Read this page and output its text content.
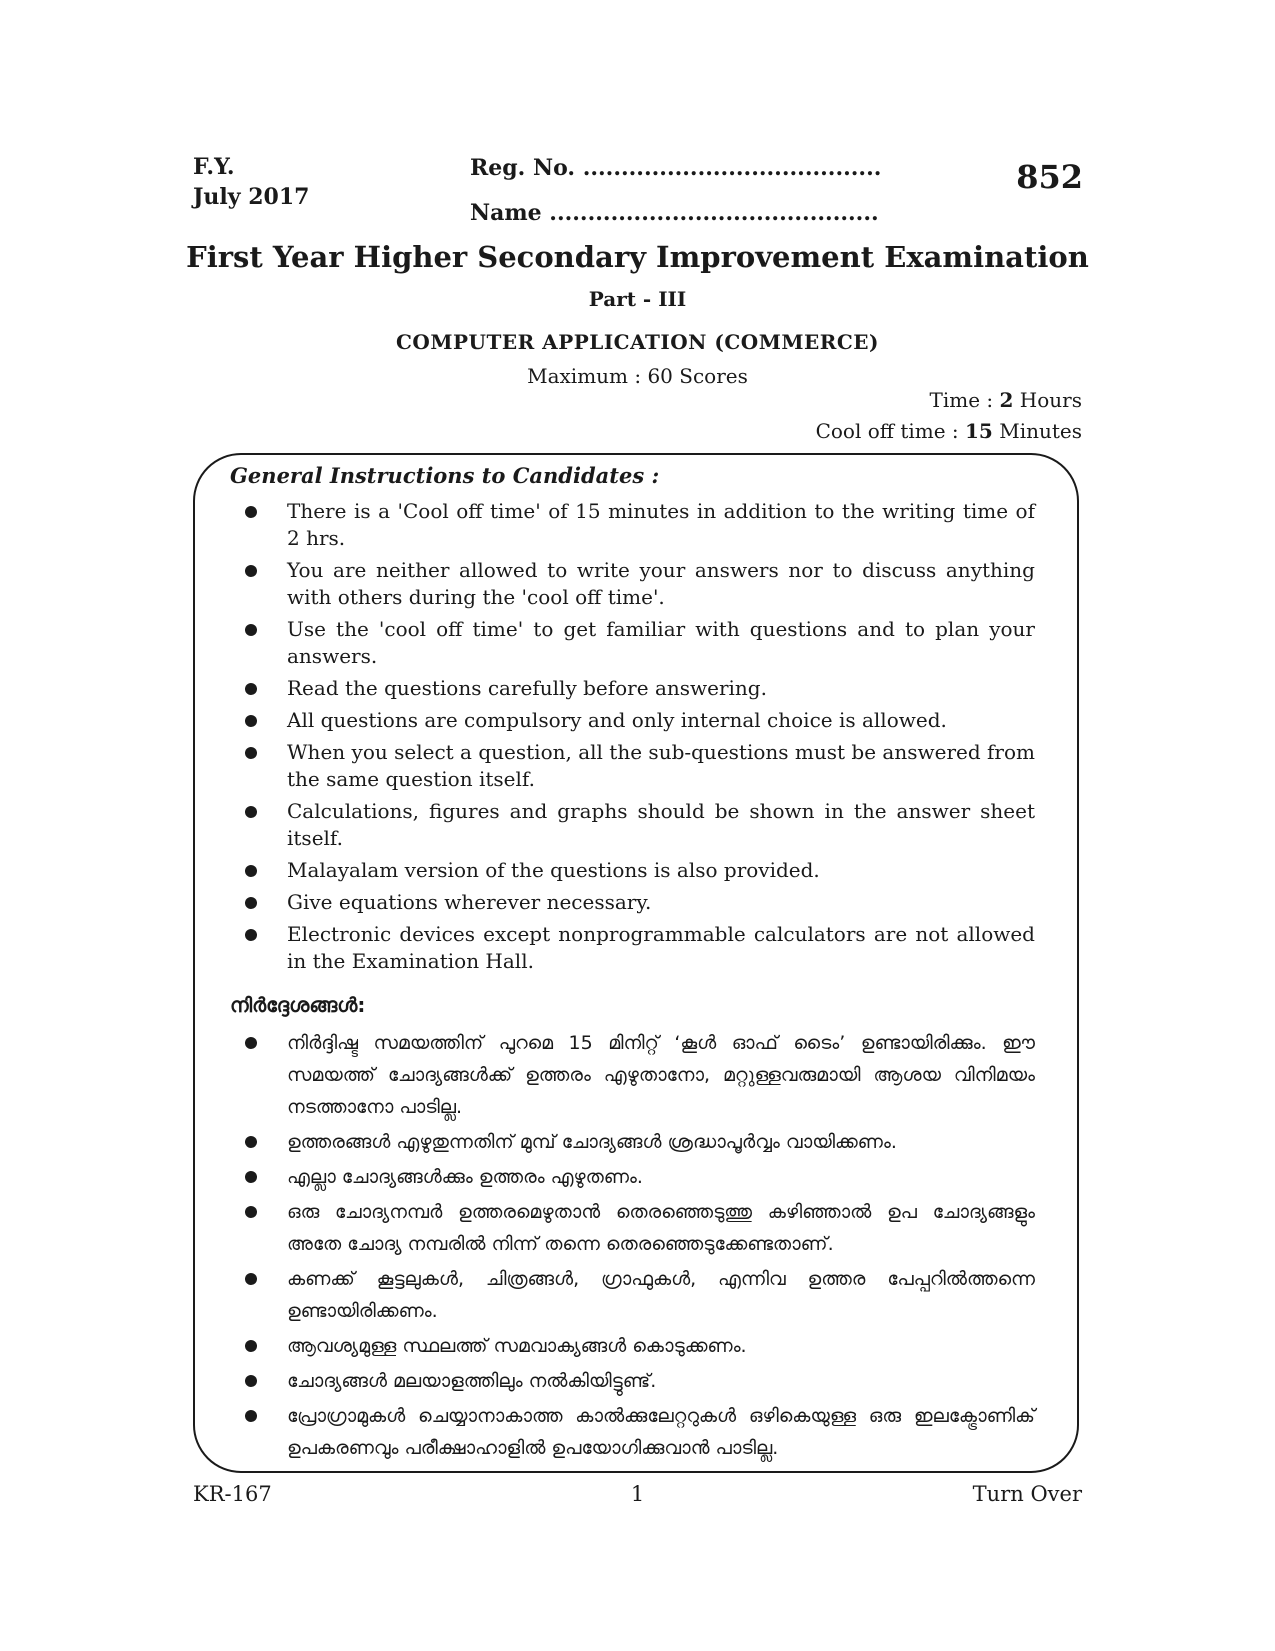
F.Y.
July 2017
Reg. No. .......................................
Name ...........................................
852
First Year Higher Secondary Improvement Examination
Part - III
COMPUTER APPLICATION (COMMERCE)
Maximum : 60 Scores
Time : 2 Hours
Cool off time : 15 Minutes
General Instructions to Candidates :
There is a 'Cool off time' of 15 minutes in addition to the writing time of 2 hrs.
You are neither allowed to write your answers nor to discuss anything with others during the 'cool off time'.
Use the 'cool off time' to get familiar with questions and to plan your answers.
Read the questions carefully before answering.
All questions are compulsory and only internal choice is allowed.
When you select a question, all the sub-questions must be answered from the same question itself.
Calculations, figures and graphs should be shown in the answer sheet itself.
Malayalam version of the questions is also provided.
Give equations wherever necessary.
Electronic devices except nonprogrammable calculators are not allowed in the Examination Hall.
നിർദ്ദേശങ്ങൾ:
നിർദ്ദിഷ്ട സമയത്തിന് പുറമെ 15 മിനിറ്റ് ‘കൂൾ ഓഫ് ടൈം’ ഉണ്ടായിരിക്കും. ഈ സമയത്ത് ചോദ്യങ്ങൾക്ക് ഉത്തരം എഴുതാനോ, മറ്റുള്ളവരുമായി ആശയ വിനിമയം നടത്താനോ പാടില്ല.
ഉത്തരങ്ങൾ എഴുതുന്നതിന് മുമ്പ് ചോദ്യങ്ങൾ ശ്രദ്ധാപൂർവ്വം വായിക്കണം.
എല്ലാ ചോദ്യങ്ങൾക്കും ഉത്തരം എഴുതണം.
ഒരു ചോദ്യനമ്പർ ഉത്തരമെഴുതാൻ തെരഞ്ഞെടുത്തു കഴിഞ്ഞാൽ ഉപ ചോദ്യങ്ങളും അതേ ചോദ്യ നമ്പരിൽ നിന്ന് തന്നെ തെരഞ്ഞെടുക്കേണ്ടതാണ്.
കണക്ക് കൂട്ടലുകൾ, ചിത്രങ്ങൾ, ഗ്രാഫുകൾ, എന്നിവ ഉത്തര പേപ്പറിൽത്തന്നെ ഉണ്ടായിരിക്കണം.
ആവശ്യമുള്ള സ്ഥലത്ത് സമവാക്യങ്ങൾ കൊടുക്കണം.
ചോദ്യങ്ങൾ മലയാളത്തിലും നൽകിയിട്ടുണ്ട്.
പ്രോഗ്രാമുകൾ ചെയ്യാനാകാത്ത കാൽക്കുലേറ്ററുകൾ ഒഴികെയുള്ള ഒരു ഇലക്ട്രോണിക് ഉപകരണവും പരീക്ഷാഹാളിൽ ഉപയോഗിക്കുവാൻ പാടില്ല.
KR-167	1	Turn Over
